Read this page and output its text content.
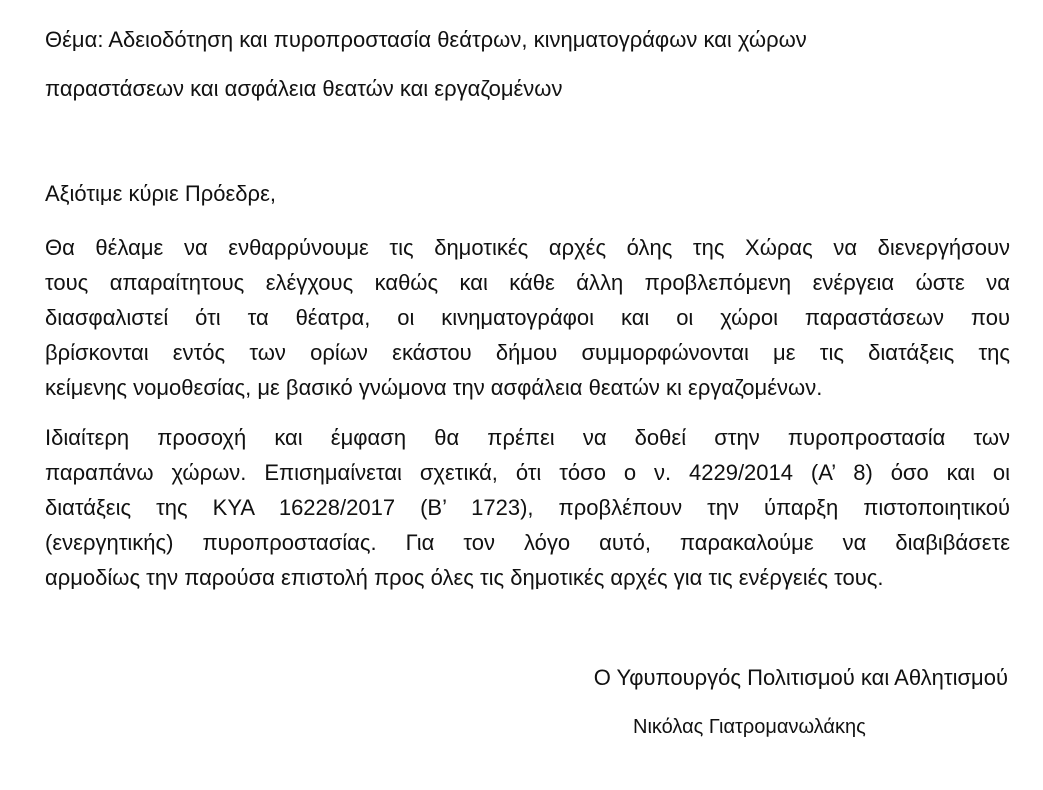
Θέμα: Αδειοδότηση και πυροπροστασία θεάτρων, κινηματογράφων και χώρων
παραστάσεων και ασφάλεια θεατών και εργαζομένων
Αξιότιμε κύριε Πρόεδρε,

Θα θέλαμε να ενθαρρύνουμε τις δημοτικές αρχές όλης της Χώρας να διενεργήσουν
τους απαραίτητους ελέγχους καθώς και κάθε άλλη προβλεπόμενη ενέργεια ώστε να
διασφαλιστεί ότι τα θέατρα, οι κινηματογράφοι και οι χώροι παραστάσεων που
βρίσκονται εντός των ορίων εκάστου δήμου συμμορφώνονται με τις διατάξεις της
κείμενης νομοθεσίας, με βασικό γνώμονα την ασφάλεια θεατών κι εργαζομένων.

Ιδιαίτερη προσοχή και έμφαση θα πρέπει να δοθεί στην πυροπροστασία των
παραπάνω χώρων. Επισημαίνεται σχετικά, ότι τόσο ο ν. 4229/2014 (Α’ 8) όσο και οι
διατάξεις της ΚΥΑ 16228/2017 (Β’ 1723), προβλέπουν την ύπαρξη πιστοποιητικού
(ενεργητικής) πυροπροστασίας. Για τον λόγο αυτό, παρακαλούμε να διαβιβάσετε
αρμοδίως την παρούσα επιστολή προς όλες τις δημοτικές αρχές για τις ενέργειές τους.

Ο Υφυπουργός Πολιτισμού και Αθλητισμού
Νικόλας Γιατρομανωλάκης
